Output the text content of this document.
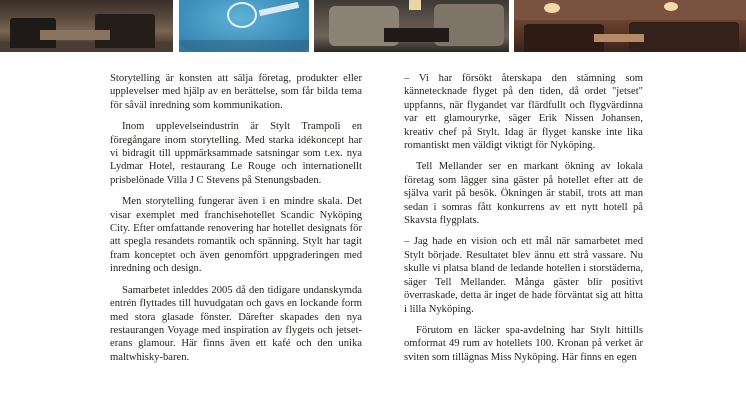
Storytelling är konsten att sälja företag, produkter eller upplevelser med hjälp av en berättelse, som får bilda tema för såväl inredning som kommunikation.

Inom upplevelseindustrin är Stylt Trampoli en föregångare inom storytelling. Med starka idékoncept har vi bidragit till uppmärksammade satsningar som t.ex. nya Lydmar Hotel, restaurang Le Rouge och internationellt prisbelönade Villa J C Stevens på Stenungsbaden.

Men storytelling fungerar även i en mindre skala. Det visar exemplet med franchisehotellet Scandic Nyköping City. Efter omfattande renovering har hotellet designats för att spegla resandets romantik och spänning. Stylt har tagit fram konceptet och även genomfört uppgraderingen med inredning och design.

Samarbetet inleddes 2005 då den tidigare undanskymda entrén flyttades till huvudgatan och gavs en lockande form med stora glasade fönster. Därefter skapades den nya restaurangen Voyage med inspiration av flygets och jetset-erans glamour. Här finns även ett kafé och den unika maltwhisky-baren.

– Vi har försökt återskapa den stämning som kännetecknade flyget på den tiden, då ordet "jetset" uppfanns, när flygandet var flärdfullt och flygvärdinna var ett glamouryrke, säger Erik Nissen Johansen, kreativ chef på Stylt. Idag är flyget kanske inte lika romantiskt men väldigt viktigt för Nyköping.

Tell Mellander ser en markant ökning av lokala företag som lägger sina gäster på hotellet efter att de själva varit på besök. Ökningen är stabil, trots att man sedan i somras fått konkurrens av ett nytt hotell på Skavsta flygplats.

– Jag hade en vision och ett mål när samarbetet med Stylt började. Resultatet blev ännu ett strå vassare. Nu skulle vi platsa bland de ledande hotellen i storstäderna, säger Tell Mellander. Många gäster blir positivt överraskade, detta är inget de hade förväntat sig att hitta i lilla Nyköping.

Förutom en läcker spa-avdelning har Stylt hittills omformat 49 rum av hotellets 100. Kronan på verket är sviten som tillägnas Miss Nyköping. Här finns en egen
